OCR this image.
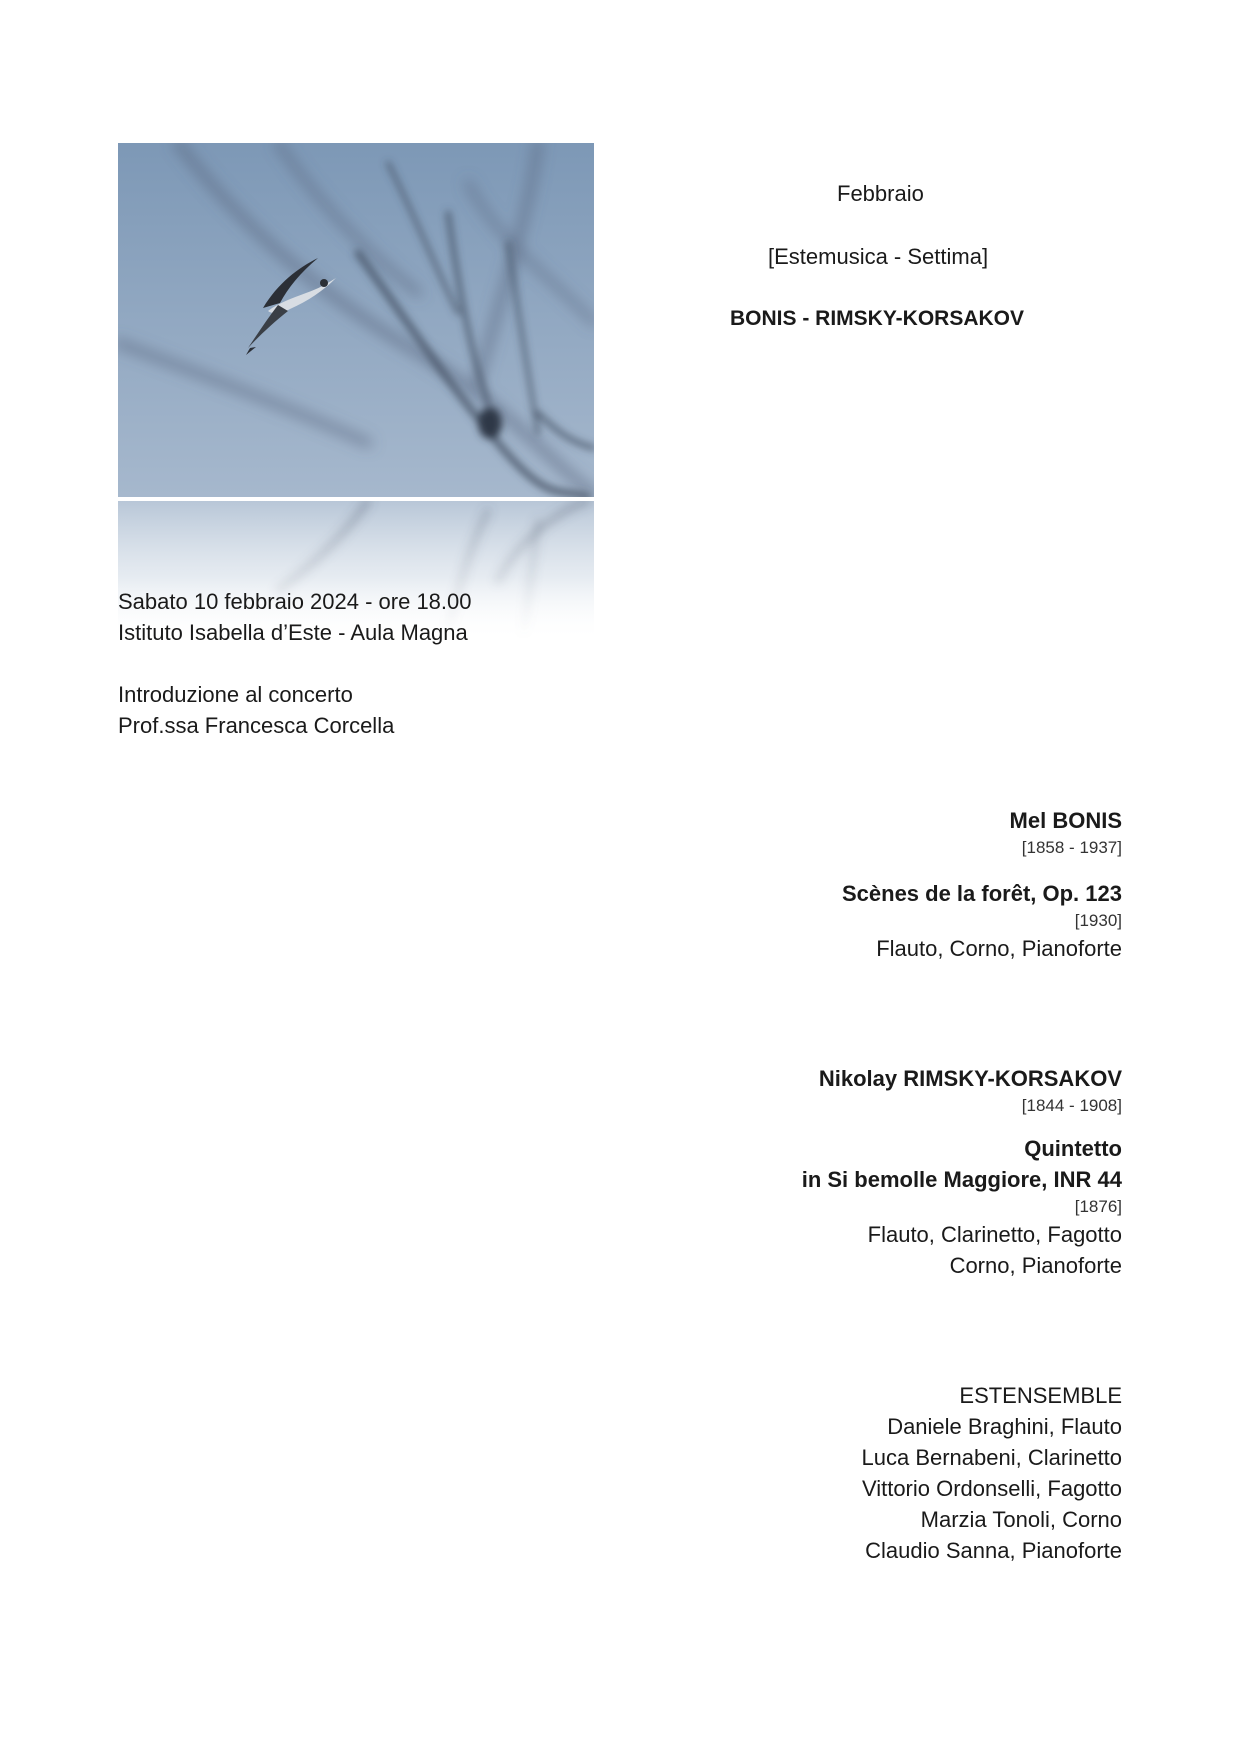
Febbraio
[Estemusica - Settima]
BONIS - RIMSKY-KORSAKOV
Sabato 10 febbraio 2024 - ore 18.00
Istituto Isabella d’Este - Aula Magna
Introduzione al concerto
Prof.ssa Francesca Corcella
Mel BONIS
[1858 - 1937]
Scènes de la forêt, Op. 123
[1930]
Flauto, Corno, Pianoforte
Nikolay RIMSKY-KORSAKOV
[1844 - 1908]
Quintetto
in Si bemolle Maggiore, INR 44
[1876]
Flauto, Clarinetto, Fagotto
Corno, Pianoforte
ESTENSEMBLE
Daniele Braghini, Flauto
Luca Bernabeni, Clarinetto
Vittorio Ordonselli, Fagotto
Marzia Tonoli, Corno
Claudio Sanna, Pianoforte
